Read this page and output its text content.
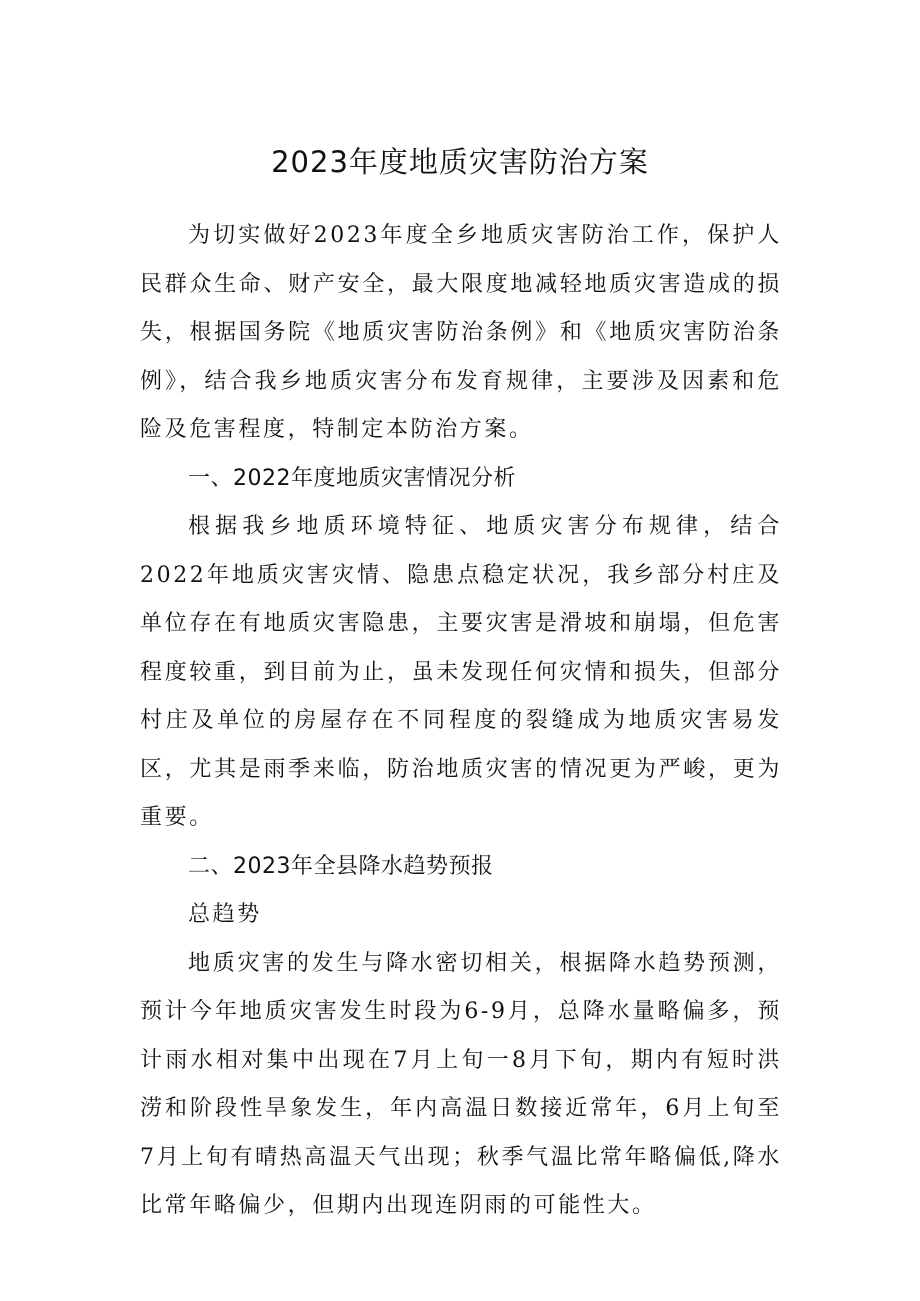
2023年度地质灾害防治方案

为切实做好2023年度全乡地质灾害防治工作，保护人民群众生命、财产安全，最大限度地减轻地质灾害造成的损失，根据国务院《地质灾害防治条例》和《地质灾害防治条例》，结合我乡地质灾害分布发育规律，主要涉及因素和危险及危害程度，特制定本防治方案。

一、2022年度地质灾害情况分析

根据我乡地质环境特征、地质灾害分布规律，结合2022年地质灾害灾情、隐患点稳定状况，我乡部分村庄及单位存在有地质灾害隐患，主要灾害是滑坡和崩塌，但危害程度较重，到目前为止，虽未发现任何灾情和损失，但部分村庄及单位的房屋存在不同程度的裂缝成为地质灾害易发区，尤其是雨季来临，防治地质灾害的情况更为严峻，更为重要。

二、2023年全县降水趋势预报

总趋势

地质灾害的发生与降水密切相关，根据降水趋势预测，预计今年地质灾害发生时段为6-9月，总降水量略偏多，预计雨水相对集中出现在7月上旬一8月下旬，期内有短时洪涝和阶段性旱象发生，年内高温日数接近常年，6月上旬至7月上旬有晴热高温天气出现；秋季气温比常年略偏低,降水比常年略偏少，但期内出现连阴雨的可能性大。
